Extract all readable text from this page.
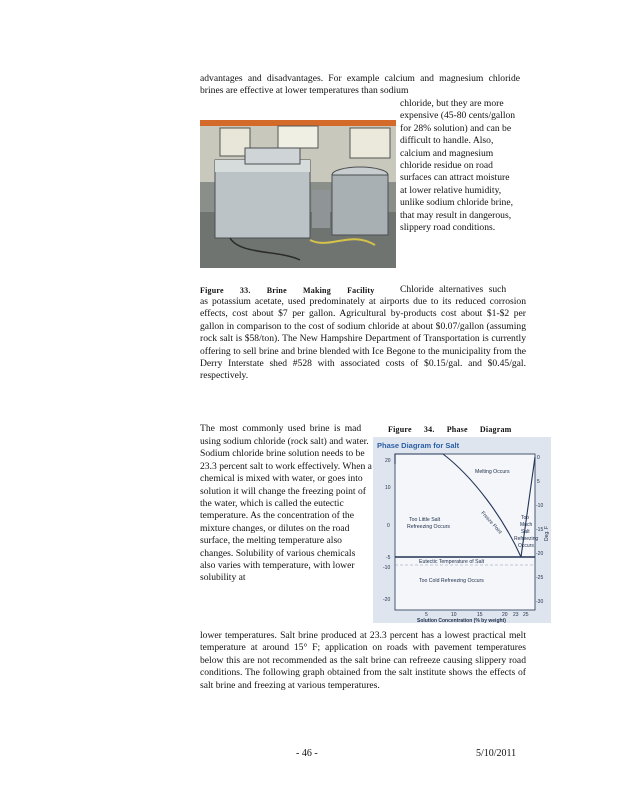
advantages and disadvantages. For example calcium and magnesium chloride brines are effective at lower temperatures than sodium

chloride, but they are more expensive (45-80 cents/gallon for 28% solution) and can be difficult to handle. Also, calcium and magnesium chloride residue on road surfaces can attract moisture at lower relative humidity, unlike sodium chloride brine, that may result in dangerous, slippery road conditions.

Figure 33. Brine Making Facility	Chloride alternatives such

as potassium acetate, used predominately at airports due to its reduced corrosion effects, cost about $7 per gallon. Agricultural by-products cost about $1-$2 per gallon in comparison to the cost of sodium chloride at about $0.07/gallon (assuming rock salt is $58/ton). The New Hampshire Department of Transportation is currently offering to sell brine and brine blended with Ice Begone to the municipality from the Derry Interstate shed #528 with associated costs of $0.15/gal. and $0.45/gal. respectively.

The most commonly used brine is mad	Figure 34. Phase Diagram

using sodium chloride (rock salt) and water. Sodium chloride brine solution needs to be 23.3 percent salt to work effectively. When a chemical is mixed with water, or goes into solution it will change the freezing point of the water, which is called the eutectic temperature. As the concentration of the mixture changes, or dilutes on the road surface, the melting temperature also changes. Solubility of various chemicals also varies with temperature, with lower solubility at

Phase Diagram for Salt
Melting Occurs
Freeze Point
Too Little Salt
Refreezing Occurs
Too
Much
Salt
Refreezing
Occurs
Eutectic Temperature of Salt
Too Cold Refreezing Occurs
20
10
0
-5
-10
-20
0
5
-10
-15
-20
-25
-30
Deg. F
5	10	15	20 23 25
Solution Concentration (% by weight)

lower temperatures. Salt brine produced at 23.3 percent has a lowest practical melt temperature at around 15° F; application on roads with pavement temperatures below this are not recommended as the salt brine can refreeze causing slippery road conditions. The following graph obtained from the salt institute shows the effects of salt brine and freezing at various temperatures.

- 46 -	5/10/2011
